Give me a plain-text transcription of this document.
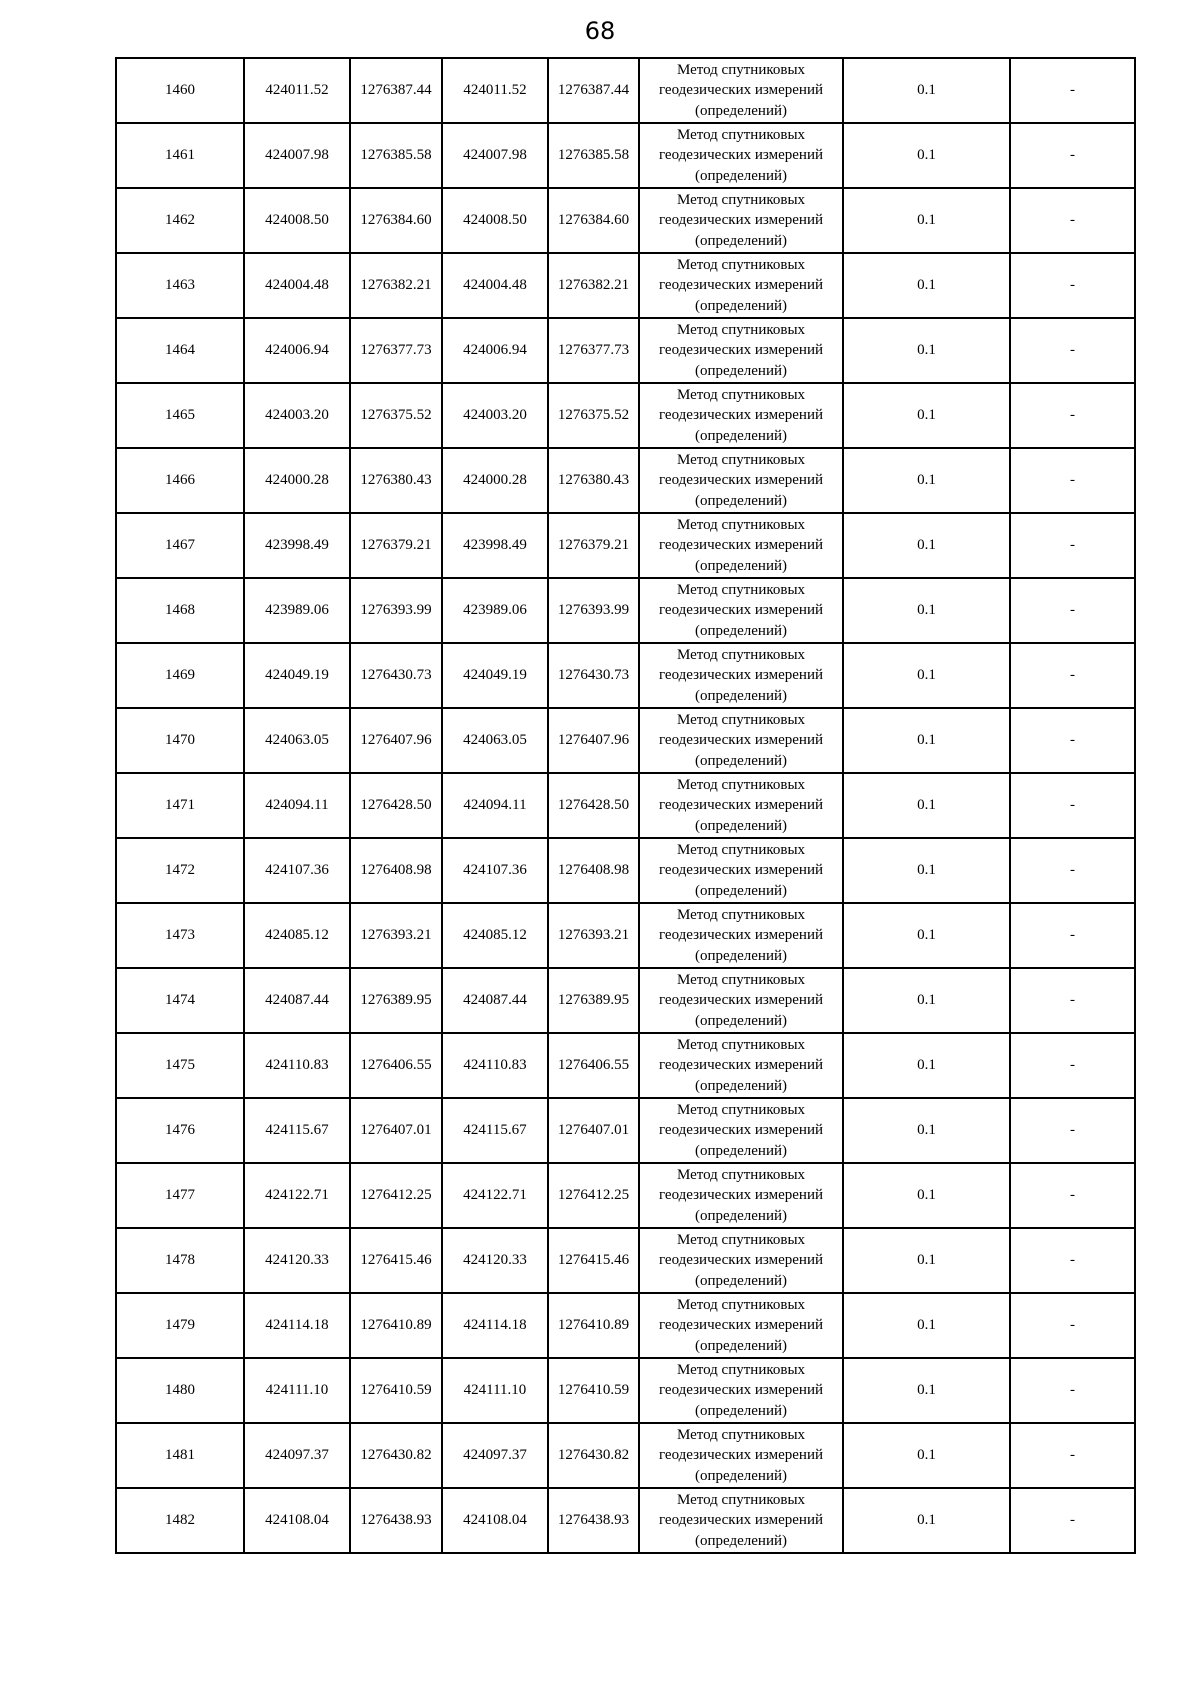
68
1460	424011.52	1276387.44	424011.52	1276387.44	Метод спутниковых геодезических измерений (определений)	0.1	-
1461	424007.98	1276385.58	424007.98	1276385.58	Метод спутниковых геодезических измерений (определений)	0.1	-
1462	424008.50	1276384.60	424008.50	1276384.60	Метод спутниковых геодезических измерений (определений)	0.1	-
1463	424004.48	1276382.21	424004.48	1276382.21	Метод спутниковых геодезических измерений (определений)	0.1	-
1464	424006.94	1276377.73	424006.94	1276377.73	Метод спутниковых геодезических измерений (определений)	0.1	-
1465	424003.20	1276375.52	424003.20	1276375.52	Метод спутниковых геодезических измерений (определений)	0.1	-
1466	424000.28	1276380.43	424000.28	1276380.43	Метод спутниковых геодезических измерений (определений)	0.1	-
1467	423998.49	1276379.21	423998.49	1276379.21	Метод спутниковых геодезических измерений (определений)	0.1	-
1468	423989.06	1276393.99	423989.06	1276393.99	Метод спутниковых геодезических измерений (определений)	0.1	-
1469	424049.19	1276430.73	424049.19	1276430.73	Метод спутниковых геодезических измерений (определений)	0.1	-
1470	424063.05	1276407.96	424063.05	1276407.96	Метод спутниковых геодезических измерений (определений)	0.1	-
1471	424094.11	1276428.50	424094.11	1276428.50	Метод спутниковых геодезических измерений (определений)	0.1	-
1472	424107.36	1276408.98	424107.36	1276408.98	Метод спутниковых геодезических измерений (определений)	0.1	-
1473	424085.12	1276393.21	424085.12	1276393.21	Метод спутниковых геодезических измерений (определений)	0.1	-
1474	424087.44	1276389.95	424087.44	1276389.95	Метод спутниковых геодезических измерений (определений)	0.1	-
1475	424110.83	1276406.55	424110.83	1276406.55	Метод спутниковых геодезических измерений (определений)	0.1	-
1476	424115.67	1276407.01	424115.67	1276407.01	Метод спутниковых геодезических измерений (определений)	0.1	-
1477	424122.71	1276412.25	424122.71	1276412.25	Метод спутниковых геодезических измерений (определений)	0.1	-
1478	424120.33	1276415.46	424120.33	1276415.46	Метод спутниковых геодезических измерений (определений)	0.1	-
1479	424114.18	1276410.89	424114.18	1276410.89	Метод спутниковых геодезических измерений (определений)	0.1	-
1480	424111.10	1276410.59	424111.10	1276410.59	Метод спутниковых геодезических измерений (определений)	0.1	-
1481	424097.37	1276430.82	424097.37	1276430.82	Метод спутниковых геодезических измерений (определений)	0.1	-
1482	424108.04	1276438.93	424108.04	1276438.93	Метод спутниковых геодезических измерений (определений)	0.1	-
